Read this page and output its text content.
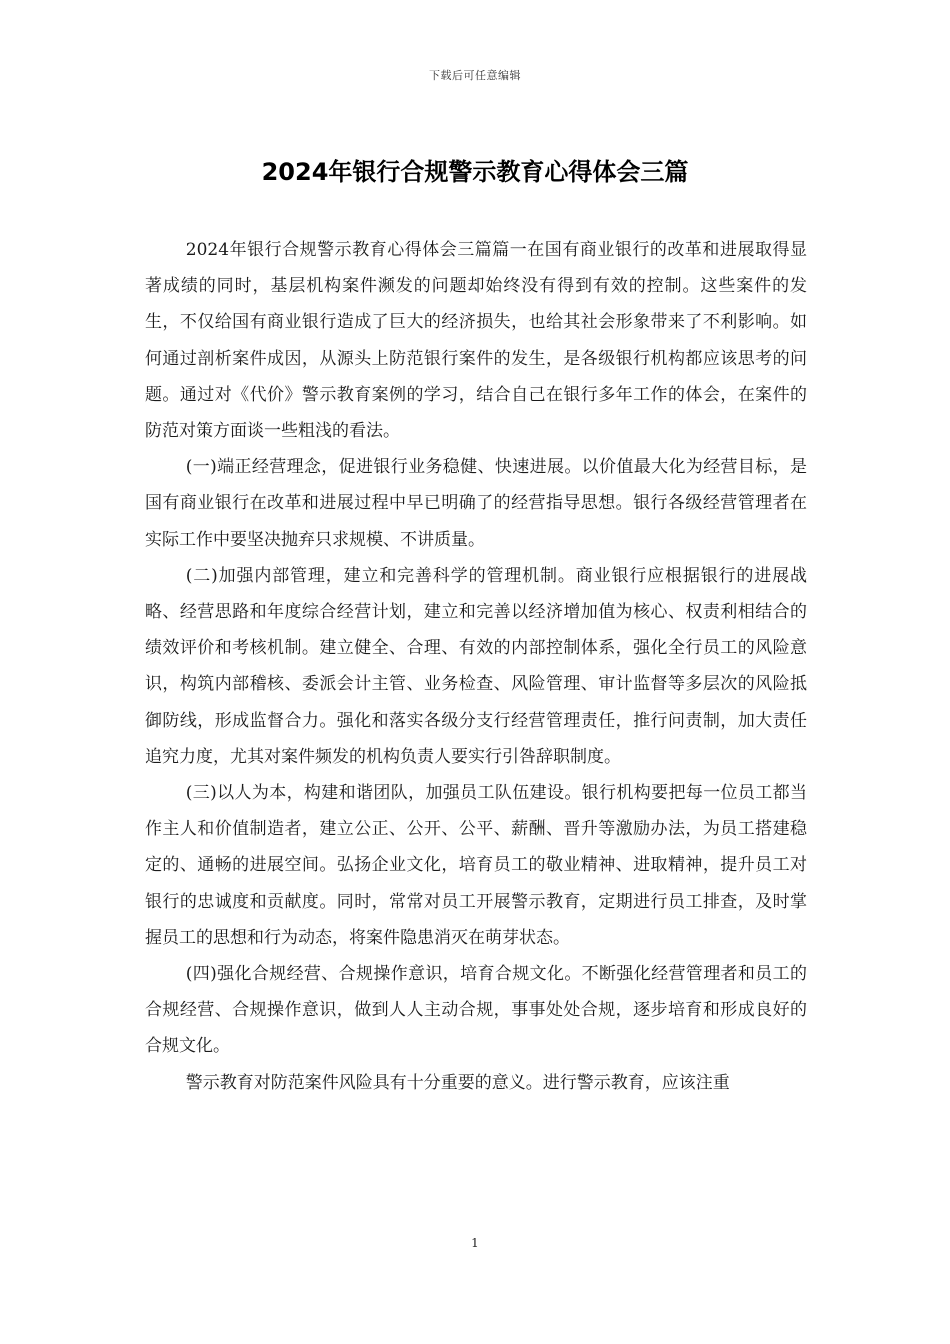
下载后可任意编辑
2024年银行合规警示教育心得体会三篇

2024年银行合规警示教育心得体会三篇篇一在国有商业银行的改革和进展取得显著成绩的同时，基层机构案件濒发的问题却始终没有得到有效的控制。这些案件的发生，不仅给国有商业银行造成了巨大的经济损失，也给其社会形象带来了不利影响。如何通过剖析案件成因，从源头上防范银行案件的发生，是各级银行机构都应该思考的问题。通过对《代价》警示教育案例的学习，结合自己在银行多年工作的体会，在案件的防范对策方面谈一些粗浅的看法。

(一)端正经营理念，促进银行业务稳健、快速进展。以价值最大化为经营目标，是国有商业银行在改革和进展过程中早已明确了的经营指导思想。银行各级经营管理者在实际工作中要坚决抛弃只求规模、不讲质量。

(二)加强内部管理，建立和完善科学的管理机制。商业银行应根据银行的进展战略、经营思路和年度综合经营计划，建立和完善以经济增加值为核心、权责利相结合的绩效评价和考核机制。建立健全、合理、有效的内部控制体系，强化全行员工的风险意识，构筑内部稽核、委派会计主管、业务检查、风险管理、审计监督等多层次的风险抵御防线，形成监督合力。强化和落实各级分支行经营管理责任，推行问责制，加大责任追究力度，尤其对案件频发的机构负责人要实行引咎辞职制度。

(三)以人为本，构建和谐团队，加强员工队伍建设。银行机构要把每一位员工都当作主人和价值制造者，建立公正、公开、公平、薪酬、晋升等激励办法，为员工搭建稳定的、通畅的进展空间。弘扬企业文化，培育员工的敬业精神、进取精神，提升员工对银行的忠诚度和贡献度。同时，常常对员工开展警示教育，定期进行员工排查，及时掌握员工的思想和行为动态，将案件隐患消灭在萌芽状态。

(四)强化合规经营、合规操作意识，培育合规文化。不断强化经营管理者和员工的合规经营、合规操作意识，做到人人主动合规，事事处处合规，逐步培育和形成良好的合规文化。

警示教育对防范案件风险具有十分重要的意义。进行警示教育，应该注重

1
